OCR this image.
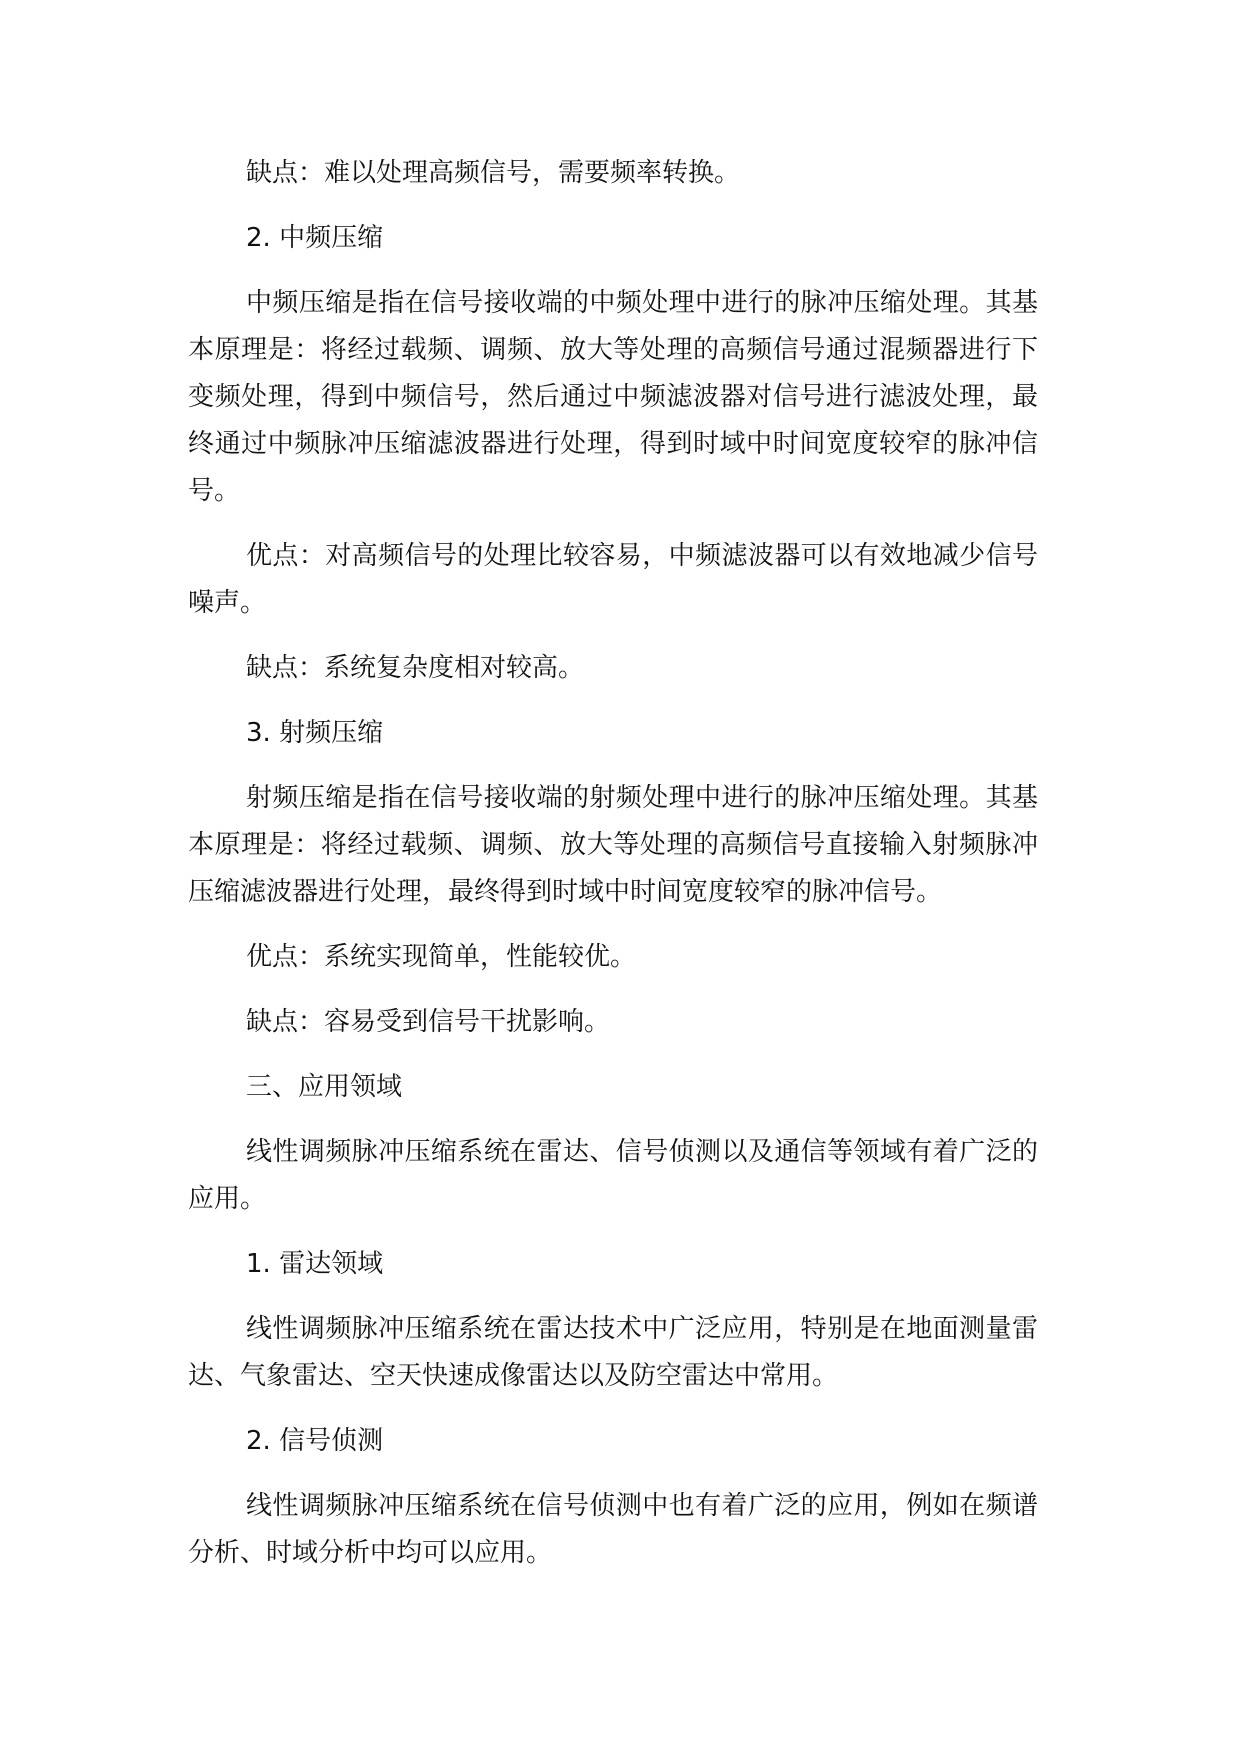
缺点：难以处理高频信号，需要频率转换。

2. 中频压缩

中频压缩是指在信号接收端的中频处理中进行的脉冲压缩处理。其基本原理是：将经过载频、调频、放大等处理的高频信号通过混频器进行下变频处理，得到中频信号，然后通过中频滤波器对信号进行滤波处理，最终通过中频脉冲压缩滤波器进行处理，得到时域中时间宽度较窄的脉冲信号。

优点：对高频信号的处理比较容易，中频滤波器可以有效地减少信号噪声。

缺点：系统复杂度相对较高。

3. 射频压缩

射频压缩是指在信号接收端的射频处理中进行的脉冲压缩处理。其基本原理是：将经过载频、调频、放大等处理的高频信号直接输入射频脉冲压缩滤波器进行处理，最终得到时域中时间宽度较窄的脉冲信号。

优点：系统实现简单，性能较优。

缺点：容易受到信号干扰影响。

三、应用领域

线性调频脉冲压缩系统在雷达、信号侦测以及通信等领域有着广泛的应用。

1. 雷达领域

线性调频脉冲压缩系统在雷达技术中广泛应用，特别是在地面测量雷达、气象雷达、空天快速成像雷达以及防空雷达中常用。

2. 信号侦测

线性调频脉冲压缩系统在信号侦测中也有着广泛的应用，例如在频谱分析、时域分析中均可以应用。
